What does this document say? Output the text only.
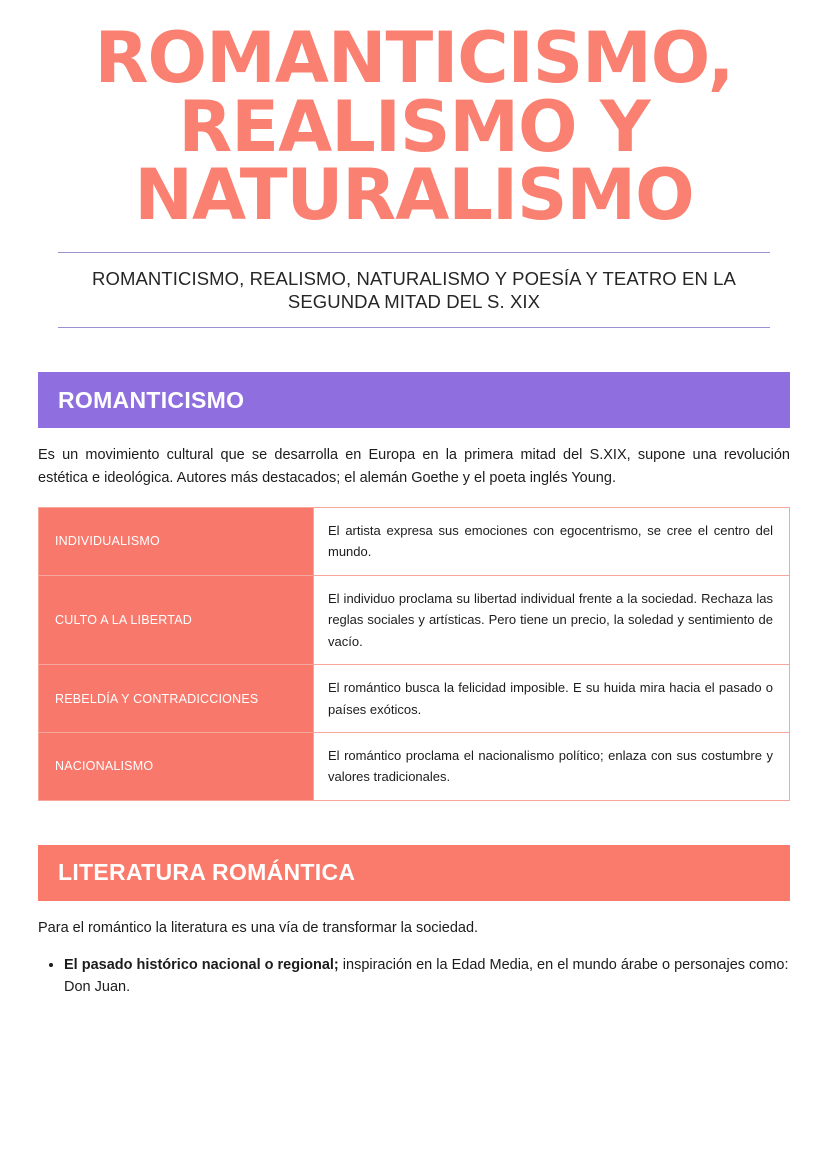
ROMANTICISMO,
REALISMO Y
NATURALISMO
ROMANTICISMO, REALISMO, NATURALISMO Y POESÍA Y TEATRO EN LA SEGUNDA MITAD DEL S. XIX
ROMANTICISMO

Es un movimiento cultural que se desarrolla en Europa en la primera mitad del S.XIX, supone una revolución estética e ideológica. Autores más destacados; el alemán Goethe y el poeta inglés Young.

INDIVIDUALISMO	El artista expresa sus emociones con egocentrismo, se cree el centro del mundo.
CULTO A LA LIBERTAD	El individuo proclama su libertad individual frente a la sociedad. Rechaza las reglas sociales y artísticas. Pero tiene un precio, la soledad y sentimiento de vacío.
REBELDÍA Y CONTRADICCIONES	El romántico busca la felicidad imposible. E su huida mira hacia el pasado o países exóticos.
NACIONALISMO	El romántico proclama el nacionalismo político; enlaza con sus costumbre y valores tradicionales.
LITERATURA ROMÁNTICA

Para el romántico la literatura es una vía de transformar la sociedad.

• El pasado histórico nacional o regional; inspiración en la Edad Media, en el mundo árabe o personajes como: Don Juan.
